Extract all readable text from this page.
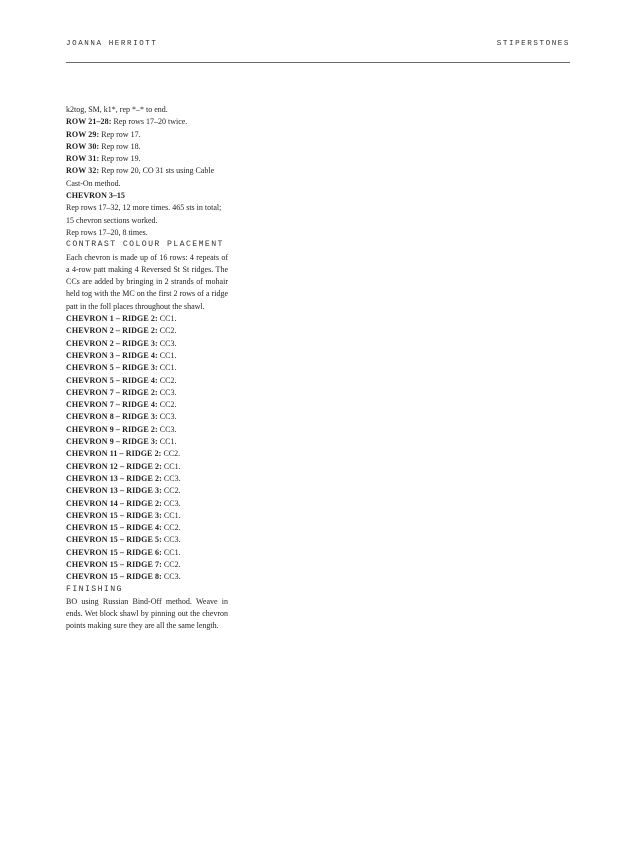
JOANNA HERRIOTT	STIPERSTONES

k2tog, SM, k1*, rep *–* to end.

ROW 21–28: Rep rows 17–20 twice.

ROW 29: Rep row 17.

ROW 30: Rep row 18.

ROW 31: Rep row 19.

ROW 32: Rep row 20, CO 31 sts using Cable Cast-On method.

CHEVRON 3–15

Rep rows 17–32, 12 more times. 465 sts in total; 15 chevron sections worked.

Rep rows 17–20, 8 times.

CONTRAST COLOUR PLACEMENT

Each chevron is made up of 16 rows: 4 repeats of a 4-row patt making 4 Reversed St St ridges. The CCs are added by bringing in 2 strands of mohair held tog with the MC on the first 2 rows of a ridge patt in the foll places throughout the shawl.

CHEVRON 1 – RIDGE 2: CC1.

CHEVRON 2 – RIDGE 2: CC2.

CHEVRON 2 – RIDGE 3: CC3.

CHEVRON 3 – RIDGE 4: CC1.

CHEVRON 5 – RIDGE 3: CC1.

CHEVRON 5 – RIDGE 4: CC2.

CHEVRON 7 – RIDGE 2: CC3.

CHEVRON 7 – RIDGE 4: CC2.

CHEVRON 8 – RIDGE 3: CC3.

CHEVRON 9 – RIDGE 2: CC3.

CHEVRON 9 – RIDGE 3: CC1.

CHEVRON 11 – RIDGE 2: CC2.

CHEVRON 12 – RIDGE 2: CC1.

CHEVRON 13 – RIDGE 2: CC3.

CHEVRON 13 – RIDGE 3: CC2.

CHEVRON 14 – RIDGE 2: CC3.

CHEVRON 15 – RIDGE 3: CC1.

CHEVRON 15 – RIDGE 4: CC2.

CHEVRON 15 – RIDGE 5: CC3.

CHEVRON 15 – RIDGE 6: CC1.

CHEVRON 15 – RIDGE 7: CC2.

CHEVRON 15 – RIDGE 8: CC3.

FINISHING

BO using Russian Bind-Off method. Weave in ends. Wet block shawl by pinning out the chevron points making sure they are all the same length.
